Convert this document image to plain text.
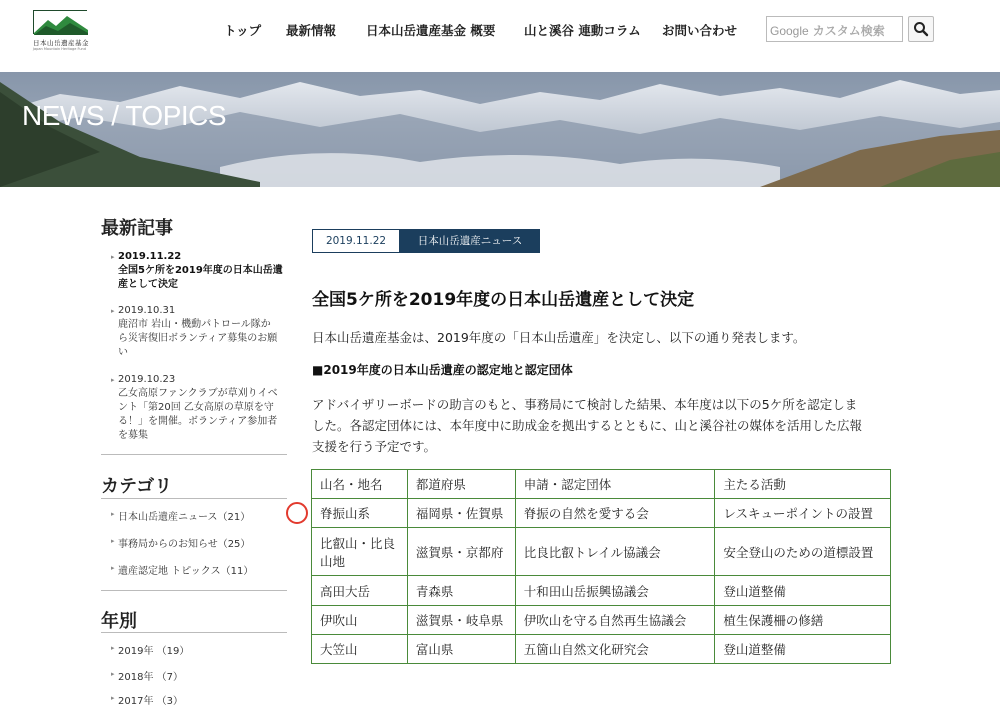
日本山岳遺産基金
Japan Mountain Heritage Fund
トップ 最新情報 日本山岳遺産基金 概要 山と溪谷 連動コラム お問い合わせ	Google カスタム検索
NEWS / TOPICS
最新記事
▸ 2019.11.22
全国5ケ所を2019年度の日本山岳遺
産として決定
▸ 2019.10.31
鹿沼市 岩山・機動パトロール隊か
ら災害復旧ボランティア募集のお願
い
▸ 2019.10.23
乙女高原ファンクラブが草刈りイベ
ント「第20回 乙女高原の草原を守
る！」を開催。ボランティア参加者
を募集
カテゴリ
▸ 日本山岳遺産ニュース（21）
▸ 事務局からのお知らせ（25）
▸ 遺産認定地 トピックス（11）
年別
▸ 2019年 （19）
▸ 2018年 （7）
▸ 2017年 （3）
2019.11.22	日本山岳遺産ニュース
全国5ケ所を2019年度の日本山岳遺産として決定
日本山岳遺産基金は、2019年度の「日本山岳遺産」を決定し、以下の通り発表します。
■2019年度の日本山岳遺産の認定地と認定団体
アドバイザリーボードの助言のもと、事務局にて検討した結果、本年度は以下の5ケ所を認定しま
した。各認定団体には、本年度中に助成金を拠出するとともに、山と溪谷社の媒体を活用した広報
支援を行う予定です。
山名・地名	都道府県	申請・認定団体	主たる活動
脊振山系	福岡県・佐賀県	脊振の自然を愛する会	レスキューポイントの設置
比叡山・比良山地	滋賀県・京都府	比良比叡トレイル協議会	安全登山のための道標設置
高田大岳	青森県	十和田山岳振興協議会	登山道整備
伊吹山	滋賀県・岐阜県	伊吹山を守る自然再生協議会	植生保護柵の修繕
大笠山	富山県	五箇山自然文化研究会	登山道整備
